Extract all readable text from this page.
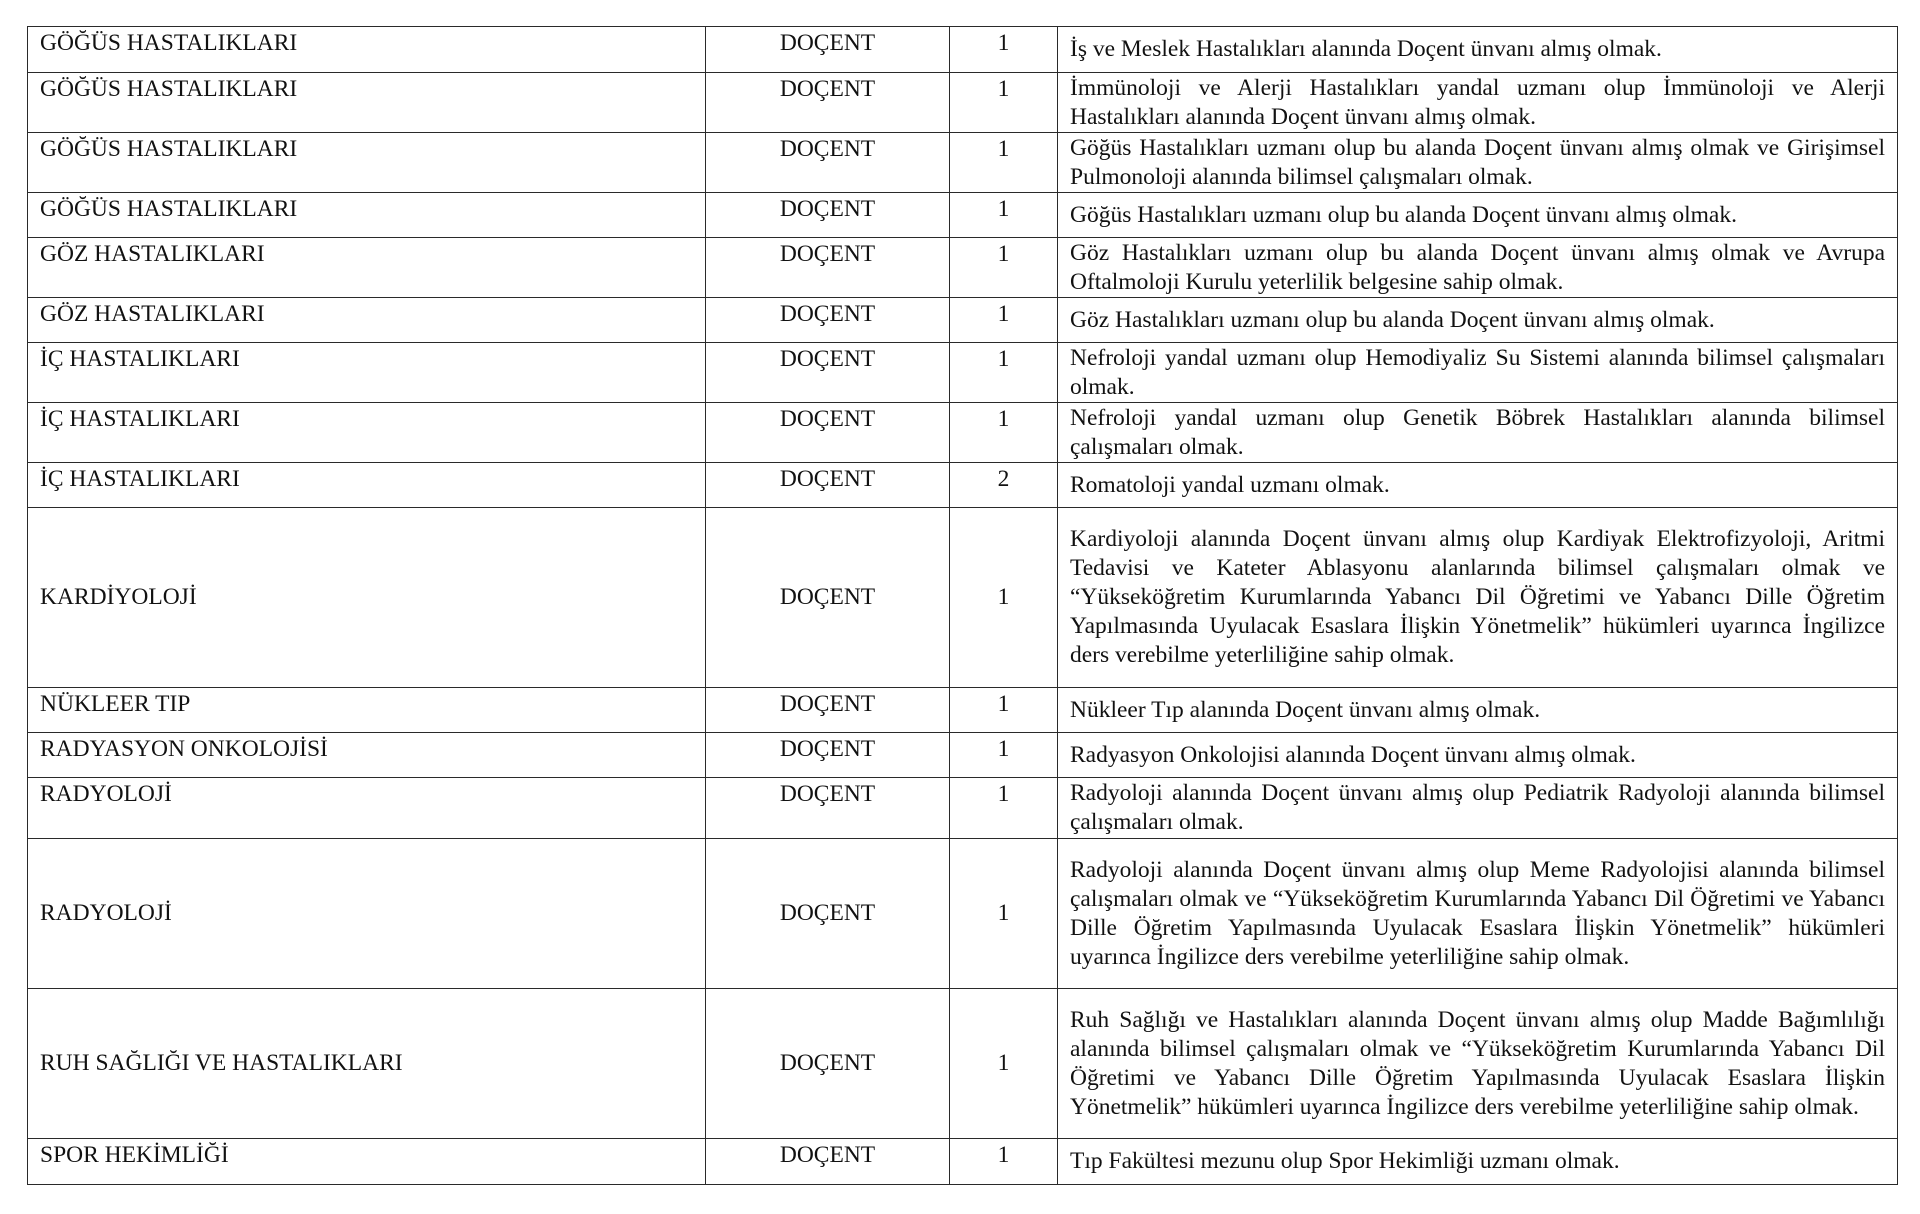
GÖĞÜS HASTALIKLARI	DOÇENT	1	İş ve Meslek Hastalıkları alanında Doçent ünvanı almış olmak.

GÖĞÜS HASTALIKLARI	DOÇENT	1	İmmünoloji ve Alerji Hastalıkları yandal uzmanı olup İmmünoloji ve Alerji Hastalıkları alanında Doçent ünvanı almış olmak.

GÖĞÜS HASTALIKLARI	DOÇENT	1	Göğüs Hastalıkları uzmanı olup bu alanda Doçent ünvanı almış olmak ve Girişimsel Pulmonoloji alanında bilimsel çalışmaları olmak.

GÖĞÜS HASTALIKLARI	DOÇENT	1	Göğüs Hastalıkları uzmanı olup bu alanda Doçent ünvanı almış olmak.

GÖZ HASTALIKLARI	DOÇENT	1	Göz Hastalıkları uzmanı olup bu alanda Doçent ünvanı almış olmak ve Avrupa Oftalmoloji Kurulu yeterlilik belgesine sahip olmak.

GÖZ HASTALIKLARI	DOÇENT	1	Göz Hastalıkları uzmanı olup bu alanda Doçent ünvanı almış olmak.

İÇ HASTALIKLARI	DOÇENT	1	Nefroloji yandal uzmanı olup Hemodiyaliz Su Sistemi alanında bilimsel çalışmaları olmak.

İÇ HASTALIKLARI	DOÇENT	1	Nefroloji yandal uzmanı olup Genetik Böbrek Hastalıkları alanında bilimsel çalışmaları olmak.

İÇ HASTALIKLARI	DOÇENT	2	Romatoloji yandal uzmanı olmak.

KARDİYOLOJİ	DOÇENT	1	Kardiyoloji alanında Doçent ünvanı almış olup Kardiyak Elektrofizyoloji, Aritmi Tedavisi ve Kateter Ablasyonu alanlarında bilimsel çalışmaları olmak ve “Yükseköğretim Kurumlarında Yabancı Dil Öğretimi ve Yabancı Dille Öğretim Yapılmasında Uyulacak Esaslara İlişkin Yönetmelik” hükümleri uyarınca İngilizce ders verebilme yeterliliğine sahip olmak.

NÜKLEER TIP	DOÇENT	1	Nükleer Tıp alanında Doçent ünvanı almış olmak.

RADYASYON ONKOLOJİSİ	DOÇENT	1	Radyasyon Onkolojisi alanında Doçent ünvanı almış olmak.

RADYOLOJİ	DOÇENT	1	Radyoloji alanında Doçent ünvanı almış olup Pediatrik Radyoloji alanında bilimsel çalışmaları olmak.

RADYOLOJİ	DOÇENT	1	Radyoloji alanında Doçent ünvanı almış olup Meme Radyolojisi alanında bilimsel çalışmaları olmak ve “Yükseköğretim Kurumlarında Yabancı Dil Öğretimi ve Yabancı Dille Öğretim Yapılmasında Uyulacak Esaslara İlişkin Yönetmelik” hükümleri uyarınca İngilizce ders verebilme yeterliliğine sahip olmak.

RUH SAĞLIĞI VE HASTALIKLARI	DOÇENT	1	Ruh Sağlığı ve Hastalıkları alanında Doçent ünvanı almış olup Madde Bağımlılığı alanında bilimsel çalışmaları olmak ve “Yükseköğretim Kurumlarında Yabancı Dil Öğretimi ve Yabancı Dille Öğretim Yapılmasında Uyulacak Esaslara İlişkin Yönetmelik” hükümleri uyarınca İngilizce ders verebilme yeterliliğine sahip olmak.

SPOR HEKİMLİĞİ	DOÇENT	1	Tıp Fakültesi mezunu olup Spor Hekimliği uzmanı olmak.
